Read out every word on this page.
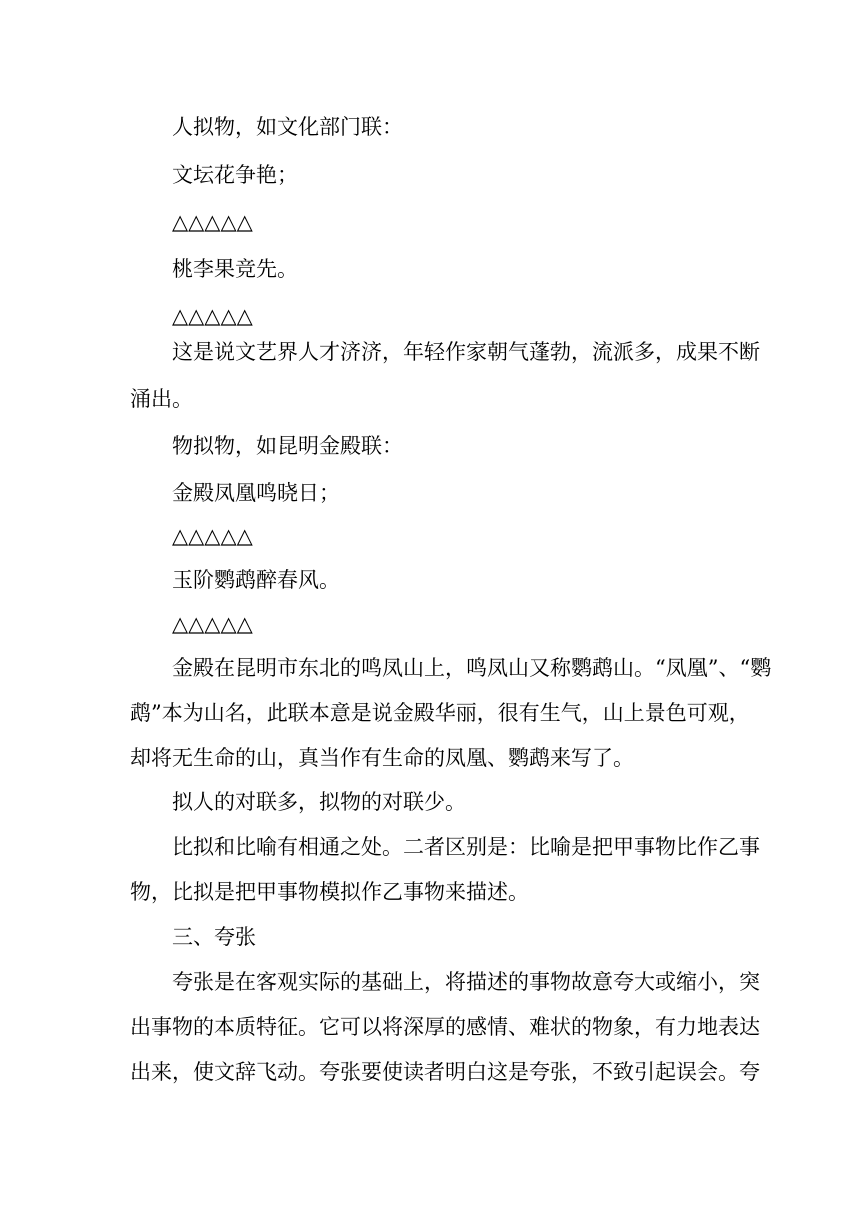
人拟物，如文化部门联：
文坛花争艳；
△△△△△
桃李果竞先。
△△△△△
这是说文艺界人才济济，年轻作家朝气蓬勃，流派多，成果不断
涌出。
物拟物，如昆明金殿联：
金殿凤凰鸣晓日；
△△△△△
玉阶鹦鹉醉春风。
△△△△△
金殿在昆明市东北的鸣凤山上，鸣凤山又称鹦鹉山。“凤凰”、“鹦
鹉”本为山名，此联本意是说金殿华丽，很有生气，山上景色可观，
却将无生命的山，真当作有生命的凤凰、鹦鹉来写了。
拟人的对联多，拟物的对联少。
比拟和比喻有相通之处。二者区别是：比喻是把甲事物比作乙事
物，比拟是把甲事物模拟作乙事物来描述。
三、夸张
夸张是在客观实际的基础上，将描述的事物故意夸大或缩小，突
出事物的本质特征。它可以将深厚的感情、难状的物象，有力地表达
出来，使文辞飞动。夸张要使读者明白这是夸张，不致引起误会。夸
